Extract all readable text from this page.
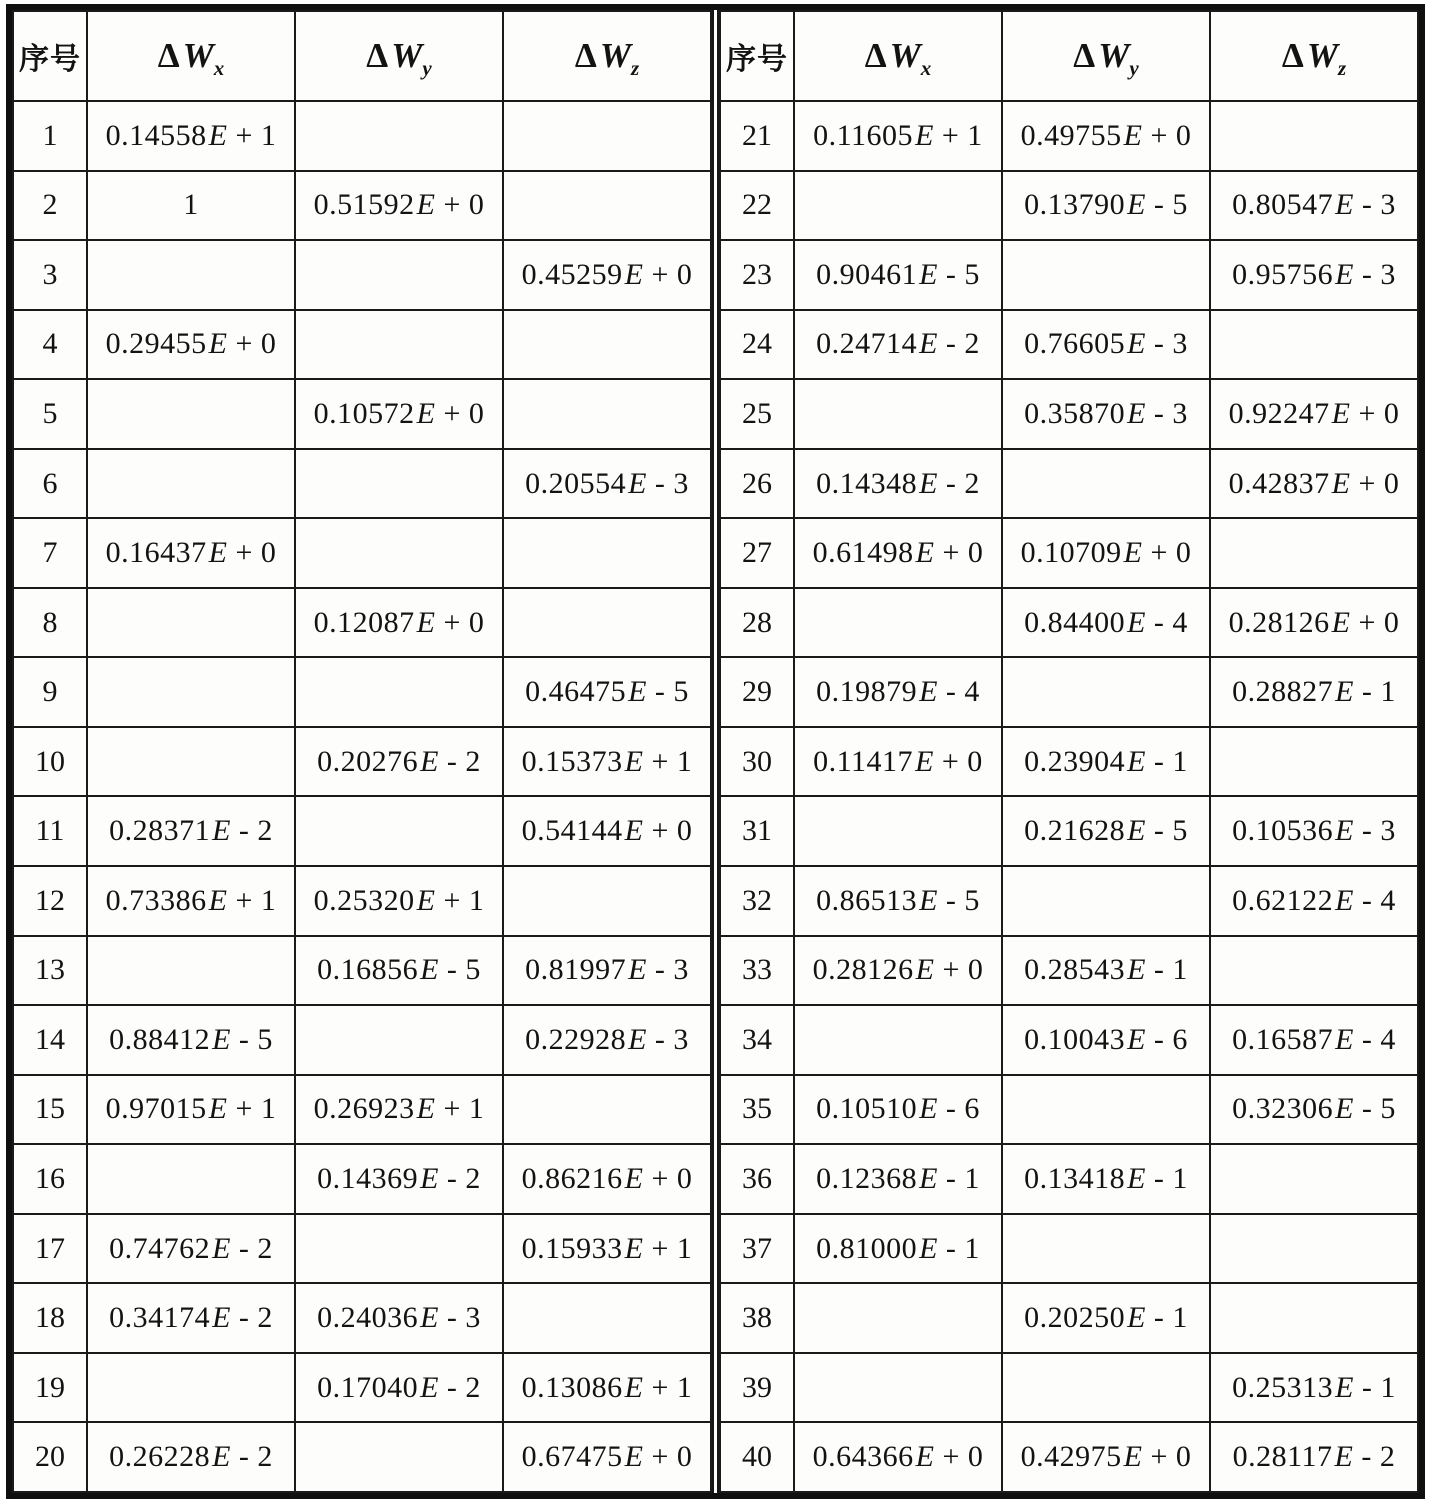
序号	$\Delta W_x$	$\Delta W_y$	$\Delta W_z$
1	0.14558E + 1		
2	1	0.51592E + 0	
3			0.45259E + 0
4	0.29455E + 0		
5		0.10572E + 0	
6			0.20554E - 3
7	0.16437E + 0		
8		0.12087E + 0	
9			0.46475E - 5
10		0.20276E - 2	0.15373E + 1
11	0.28371E - 2		0.54144E + 0
12	0.73386E + 1	0.25320E + 1	
13		0.16856E - 5	0.81997E - 3
14	0.88412E - 5		0.22928E - 3
15	0.97015E + 1	0.26923E + 1	
16		0.14369E - 2	0.86216E + 0
17	0.74762E - 2		0.15933E + 1
18	0.34174E - 2	0.24036E - 3	
19		0.17040E - 2	0.13086E + 1
20	0.26228E - 2		0.67475E + 0
序号	$\Delta W_x$	$\Delta W_y$	$\Delta W_z$
21	0.11605E + 1	0.49755E + 0	
22		0.13790E - 5	0.80547E - 3
23	0.90461E - 5		0.95756E - 3
24	0.24714E - 2	0.76605E - 3	
25		0.35870E - 3	0.92247E + 0
26	0.14348E - 2		0.42837E + 0
27	0.61498E + 0	0.10709E + 0	
28		0.84400E - 4	0.28126E + 0
29	0.19879E - 4		0.28827E - 1
30	0.11417E + 0	0.23904E - 1	
31		0.21628E - 5	0.10536E - 3
32	0.86513E - 5		0.62122E - 4
33	0.28126E + 0	0.28543E - 1	
34		0.10043E - 6	0.16587E - 4
35	0.10510E - 6		0.32306E - 5
36	0.12368E - 1	0.13418E - 1	
37	0.81000E - 1		
38		0.20250E - 1	
39			0.25313E - 1
40	0.64366E + 0	0.42975E + 0	0.28117E - 2
